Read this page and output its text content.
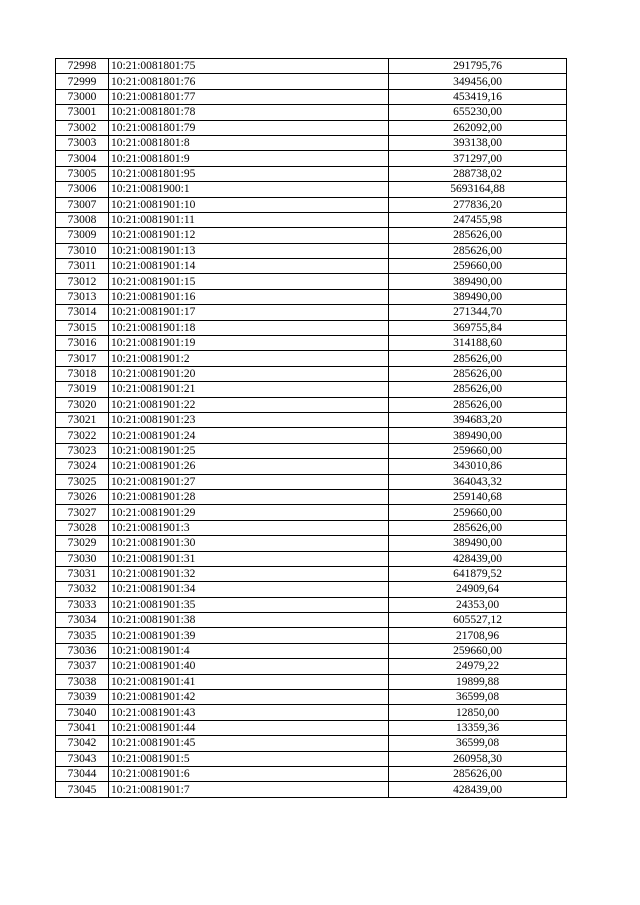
72998	10:21:0081801:75	291795,76
72999	10:21:0081801:76	349456,00
73000	10:21:0081801:77	453419,16
73001	10:21:0081801:78	655230,00
73002	10:21:0081801:79	262092,00
73003	10:21:0081801:8	393138,00
73004	10:21:0081801:9	371297,00
73005	10:21:0081801:95	288738,02
73006	10:21:0081900:1	5693164,88
73007	10:21:0081901:10	277836,20
73008	10:21:0081901:11	247455,98
73009	10:21:0081901:12	285626,00
73010	10:21:0081901:13	285626,00
73011	10:21:0081901:14	259660,00
73012	10:21:0081901:15	389490,00
73013	10:21:0081901:16	389490,00
73014	10:21:0081901:17	271344,70
73015	10:21:0081901:18	369755,84
73016	10:21:0081901:19	314188,60
73017	10:21:0081901:2	285626,00
73018	10:21:0081901:20	285626,00
73019	10:21:0081901:21	285626,00
73020	10:21:0081901:22	285626,00
73021	10:21:0081901:23	394683,20
73022	10:21:0081901:24	389490,00
73023	10:21:0081901:25	259660,00
73024	10:21:0081901:26	343010,86
73025	10:21:0081901:27	364043,32
73026	10:21:0081901:28	259140,68
73027	10:21:0081901:29	259660,00
73028	10:21:0081901:3	285626,00
73029	10:21:0081901:30	389490,00
73030	10:21:0081901:31	428439,00
73031	10:21:0081901:32	641879,52
73032	10:21:0081901:34	24909,64
73033	10:21:0081901:35	24353,00
73034	10:21:0081901:38	605527,12
73035	10:21:0081901:39	21708,96
73036	10:21:0081901:4	259660,00
73037	10:21:0081901:40	24979,22
73038	10:21:0081901:41	19899,88
73039	10:21:0081901:42	36599,08
73040	10:21:0081901:43	12850,00
73041	10:21:0081901:44	13359,36
73042	10:21:0081901:45	36599,08
73043	10:21:0081901:5	260958,30
73044	10:21:0081901:6	285626,00
73045	10:21:0081901:7	428439,00
